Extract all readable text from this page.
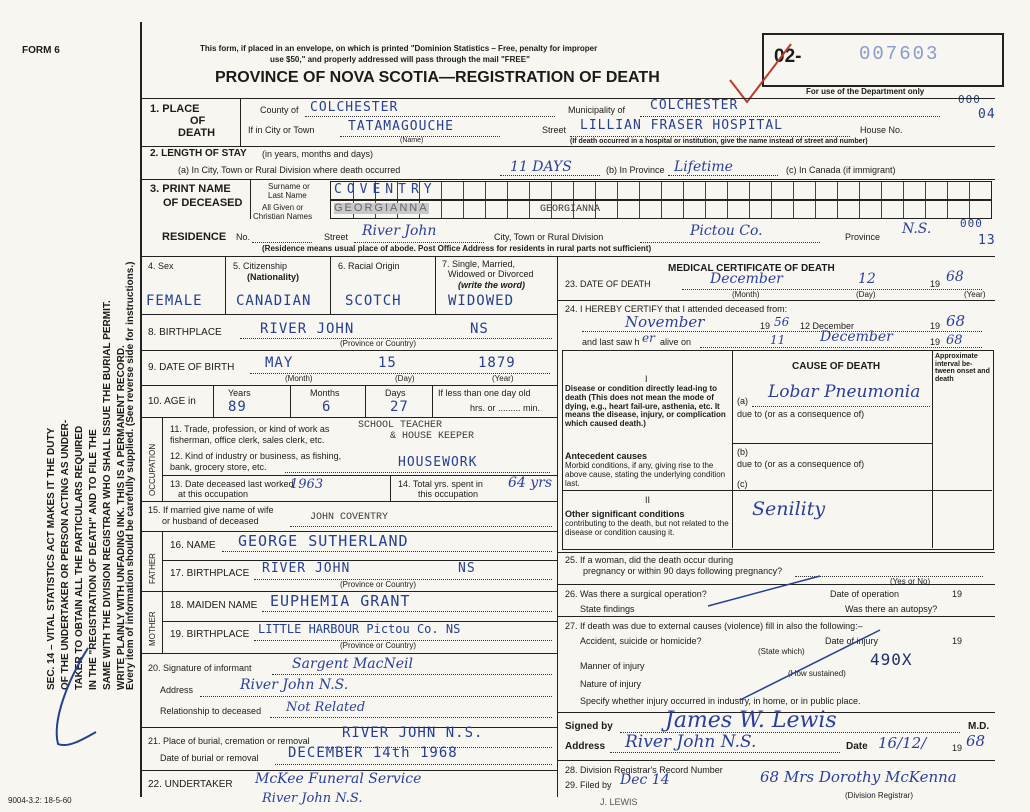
FORM 6	This form, if placed in an envelope, on which is printed "Dominion Statistics – Free, penalty for improper
use $50," and properly addressed will pass through the mail "FREE"
PROVINCE OF NOVA SCOTIA—REGISTRATION OF DEATH
02-	007603
For use of the Department only
000
04
000
13
SEC. 14 – VITAL STATISTICS ACT MAKES IT THE DUTY OF THE UNDERTAKER OR PERSON ACTING AS UNDER- TAKER TO OBTAIN ALL THE PARTICULARS REQUIRED IN THE "REGISTRATION OF DEATH" AND TO FILE THE SAME WITH THE DIVISION REGISTRAR WHO SHALL ISSUE THE BURIAL PERMIT. WRITE PLAINLY WITH UNFADING INK. THIS IS A PERMANENT RECORD.
Every item of information should be carefully supplied. (See reverse side for instructions.)
1. PLACE
OF
DEATH
County of COLCHESTER	Municipality of COLCHESTER
If in City or Town	TATAMAGOUCHE
(Name)
Street LILLIAN FRASER HOSPITAL	House No.
(If death occurred in a hospital or institution, give the name instead of street and number)
2. LENGTH OF STAY (in years, months and days)
(a) In City, Town or Rural Division where death occurred	11 DAYS	(b) In Province Lifetime	(c) In Canada (if immigrant)
3. PRINT NAME
OF DECEASED
Surname or
Last Name
All Given or
Christian Names
COVENTRY
GEORGIANNA	GEORGIANNA
RESIDENCE No.	Street River John	City, Town or Rural Division	Pictou Co.	Province N.S.
(Residence means usual place of abode. Post Office Address for residents in rural parts not sufficient)
4. Sex	5. Citizenship
(Nationality)
6. Racial Origin	7. Single, Married,
Widowed or Divorced
(write the word)
FEMALE CANADIAN SCOTCH	WIDOWED
8. BIRTHPLACE	RIVER JOHN	NS
(Province or Country)
9. DATE OF BIRTH MAY	15	1879
(Month)	(Day)	(Year)
10. AGE in
Years	Months	Days
89	6	27
If less than one day old
hrs. or ......... min.
OCCUPATION
11. Trade, profession, or kind of work as
fisherman, office clerk, sales clerk, etc.
SCHOOL TEACHER
& HOUSE KEEPER
12. Kind of industry or business, as fishing,
bank, grocery store, etc.	HOUSEWORK
13. Date deceased last worked
at this occupation
1963	14. Total yrs. spent in
this occupation
64 yrs
15. If married give name of wife
or husband of deceased	JOHN COVENTRY
FATHER
16. NAME GEORGE SUTHERLAND
17. BIRTHPLACE RIVER JOHN	NS
(Province or Country)
MOTHER
18. MAIDEN NAME EUPHEMIA GRANT
19. BIRTHPLACE LITTLE HARBOUR Pictou Co. NS
(Province or Country)
20. Signature of informant	Sargent MacNeil
Address	River John N.S.
Relationship to deceased Not Related
21. Place of burial, cremation or removal RIVER JOHN N.S.
Date of burial or removal DECEMBER 14th 1968
22. UNDERTAKER McKee Funeral Service
River John N.S.
MEDICAL CERTIFICATE OF DEATH
23. DATE OF DEATH	December	12	19 68
(Month)	(Day)	(Year)
24. I HEREBY CERTIFY that I attended deceased from:
November	19 56 12 December	19 68
and last saw h er alive on	11 December	19 68
CAUSE OF DEATH
Approximate interval be-tween onset and death
I
Disease or condition directly lead-ing to death (This does not mean the mode of dying, e.g., heart fail-ure, asthenia, etc. It means the disease, injury, or complication which caused death.)
(a) Lobar Pneumonia
due to (or as a consequence of)
Antecedent causes
Morbid conditions, if any, giving rise to the above cause, stating the underlying condition last.
(b)
due to (or as a consequence of)
(c)
II
Other significant conditions
contributing to the death, but not related to the disease or condition causing it.
Senility
25. If a woman, did the death occur during
pregnancy or within 90 days following pregnancy?
(Yes or No)
26. Was there a surgical operation?	Date of operation	19
State findings	Was there an autopsy?
27. If death was due to external causes (violence) fill in also the following:–
Accident, suicide or homicide?	Date of injury	19
(State which)
Manner of injury
(How sustained)
490X
Nature of injury
Specify whether injury occurred in industry, in home, or in public place.
Signed by James W. Lewis	M.D.
Address River John N.S.	Date 16/12/	19 68
28. Division Registrar's Record Number
29. Filed by Dec 14	68 Mrs Dorothy McKenna
(Division Registrar)
9004-3.2: 18-5-60	J. LEWIS
